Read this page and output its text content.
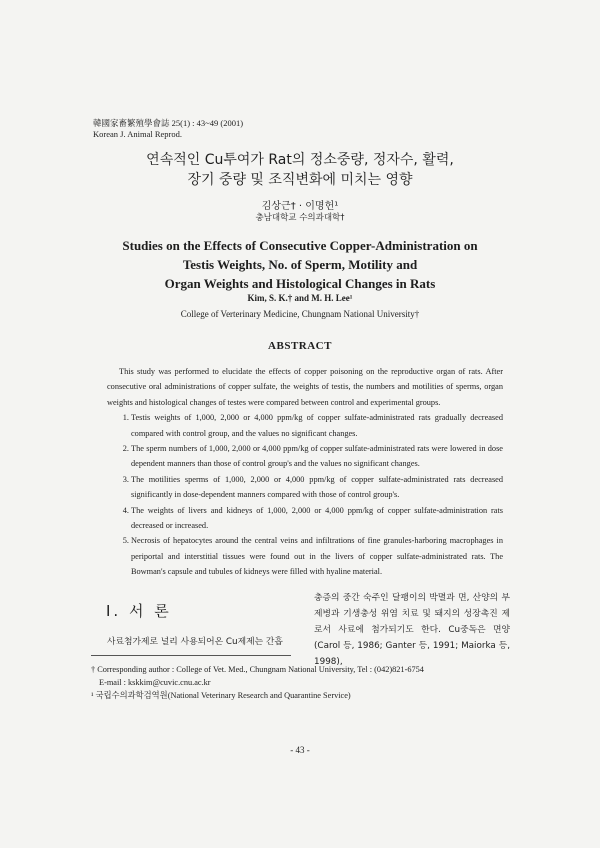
韓國家畜繁殖學會誌 25(1) : 43~49 (2001)
Korean J. Animal Reprod.
연속적인 Cu투여가 Rat의 정소중량, 정자수, 활력,
장기 중량 및 조직변화에 미치는 영향
김상근† · 이명헌¹
충남대학교 수의과대학†
Studies on the Effects of Consecutive Copper-Administration on
Testis Weights, No. of Sperm, Motility and
Organ Weights and Histological Changes in Rats
Kim, S. K.† and M. H. Lee¹
College of Verterinary Medicine, Chungnam National University†
ABSTRACT

This study was performed to elucidate the effects of copper poisoning on the reproductive organ of rats. After consecutive oral administrations of copper sulfate, the weights of testis, the numbers and motilities of sperms, organ weights and histological changes of testes were compared between control and experimental groups.

1. Testis weights of 1,000, 2,000 or 4,000 ppm/kg of copper sulfate-administrated rats gradually decreased compared with control group, and the values no significant changes.
2. The sperm numbers of 1,000, 2,000 or 4,000 ppm/kg of copper sulfate-administrated rats were lowered in dose dependent manners than those of control group's and the values no significant changes.
3. The motilities sperms of 1,000, 2,000 or 4,000 ppm/kg of copper sulfate-administrated rats decreased significantly in dose-dependent manners compared with those of control group's.
4. The weights of livers and kidneys of 1,000, 2,000 or 4,000 ppm/kg of copper sulfate-administration rats decreased or increased.
5. Necrosis of hepatocytes around the central veins and infiltrations of fine granules-harboring macrophages in periportal and interstitial tissues were found out in the livers of copper sulfate-administrated rats. The Bowman's capsule and tubules of kidneys were filled with hyaline material.
Ⅰ. 서 론
사료첨가제로 널리 사용되어온 Cu제제는 간흡
충증의 중간 숙주인 달팽이의 박멸과 면, 산양의 부제병과 기생충성 위염 치료 및 돼지의 성장촉진 제로서 사료에 첨가되기도 한다. Cu중독은 면양(Carol 등, 1986; Ganter 등, 1991; Maiorka 등, 1998),
† Corresponding author : College of Vet. Med., Chungnam National University, Tel : (042)821-6754
E-mail : kskkim@cuvic.cnu.ac.kr
¹ 국립수의과학검역원(National Veterinary Research and Quarantine Service)
- 43 -
